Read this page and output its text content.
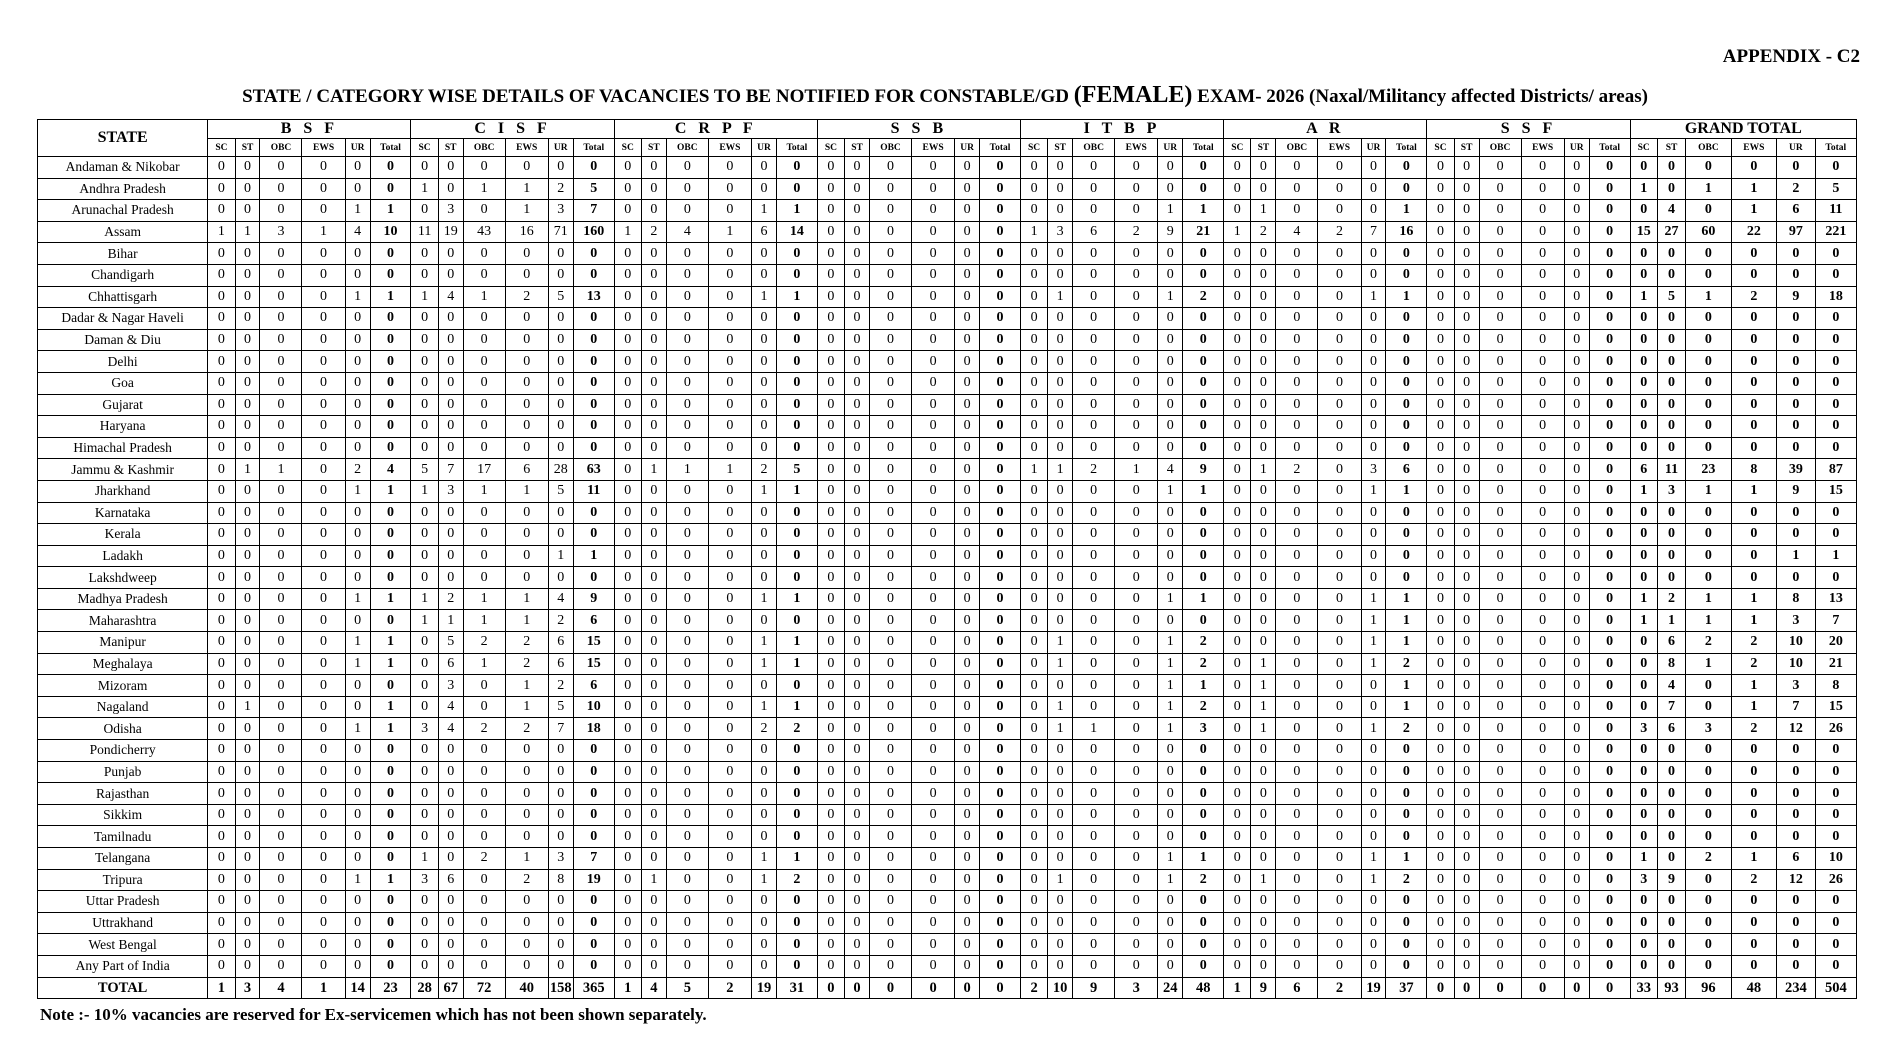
APPENDIX - C2
STATE / CATEGORY WISE DETAILS OF VACANCIES TO BE NOTIFIED FOR CONSTABLE/GD (FEMALE) EXAM- 2026 (Naxal/Militancy affected Districts/ areas)
STATE	B S F						C I S F						C R P F						S S B						I T B P						A R						S S F						GRAND TOTAL					
	SC	ST	OBC	EWS	UR	Total	SC	ST	OBC	EWS	UR	Total	SC	ST	OBC	EWS	UR	Total	SC	ST	OBC	EWS	UR	Total	SC	ST	OBC	EWS	UR	Total	SC	ST	OBC	EWS	UR	Total	SC	ST	OBC	EWS	UR	Total	SC	ST	OBC	EWS	UR	Total
Andaman & Nikobar	0	0	0	0	0	0	0	0	0	0	0	0	0	0	0	0	0	0	0	0	0	0	0	0	0	0	0	0	0	0	0	0	0	0	0	0	0	0	0	0	0	0	0	0	0	0	0	0
Andhra Pradesh	0	0	0	0	0	0	1	0	1	1	2	5	0	0	0	0	0	0	0	0	0	0	0	0	0	0	0	0	0	0	0	0	0	0	0	0	0	0	0	0	0	0	1	0	1	1	2	5
Arunachal Pradesh	0	0	0	0	1	1	0	3	0	1	3	7	0	0	0	0	1	1	0	0	0	0	0	0	0	0	0	0	1	1	0	1	0	0	0	1	0	0	0	0	0	0	0	4	0	1	6	11
Assam	1	1	3	1	4	10	11	19	43	16	71	160	1	2	4	1	6	14	0	0	0	0	0	0	1	3	6	2	9	21	1	2	4	2	7	16	0	0	0	0	0	0	15	27	60	22	97	221
Bihar	0	0	0	0	0	0	0	0	0	0	0	0	0	0	0	0	0	0	0	0	0	0	0	0	0	0	0	0	0	0	0	0	0	0	0	0	0	0	0	0	0	0	0	0	0	0	0	0
Chandigarh	0	0	0	0	0	0	0	0	0	0	0	0	0	0	0	0	0	0	0	0	0	0	0	0	0	0	0	0	0	0	0	0	0	0	0	0	0	0	0	0	0	0	0	0	0	0	0	0
Chhattisgarh	0	0	0	0	1	1	1	4	1	2	5	13	0	0	0	0	1	1	0	0	0	0	0	0	0	1	0	0	1	2	0	0	0	0	1	1	0	0	0	0	0	0	1	5	1	2	9	18
Dadar & Nagar Haveli	0	0	0	0	0	0	0	0	0	0	0	0	0	0	0	0	0	0	0	0	0	0	0	0	0	0	0	0	0	0	0	0	0	0	0	0	0	0	0	0	0	0	0	0	0	0	0	0
Daman & Diu	0	0	0	0	0	0	0	0	0	0	0	0	0	0	0	0	0	0	0	0	0	0	0	0	0	0	0	0	0	0	0	0	0	0	0	0	0	0	0	0	0	0	0	0	0	0	0	0
Delhi	0	0	0	0	0	0	0	0	0	0	0	0	0	0	0	0	0	0	0	0	0	0	0	0	0	0	0	0	0	0	0	0	0	0	0	0	0	0	0	0	0	0	0	0	0	0	0	0
Goa	0	0	0	0	0	0	0	0	0	0	0	0	0	0	0	0	0	0	0	0	0	0	0	0	0	0	0	0	0	0	0	0	0	0	0	0	0	0	0	0	0	0	0	0	0	0	0	0
Gujarat	0	0	0	0	0	0	0	0	0	0	0	0	0	0	0	0	0	0	0	0	0	0	0	0	0	0	0	0	0	0	0	0	0	0	0	0	0	0	0	0	0	0	0	0	0	0	0	0
Haryana	0	0	0	0	0	0	0	0	0	0	0	0	0	0	0	0	0	0	0	0	0	0	0	0	0	0	0	0	0	0	0	0	0	0	0	0	0	0	0	0	0	0	0	0	0	0	0	0
Himachal Pradesh	0	0	0	0	0	0	0	0	0	0	0	0	0	0	0	0	0	0	0	0	0	0	0	0	0	0	0	0	0	0	0	0	0	0	0	0	0	0	0	0	0	0	0	0	0	0	0	0
Jammu & Kashmir	0	1	1	0	2	4	5	7	17	6	28	63	0	1	1	1	2	5	0	0	0	0	0	0	1	1	2	1	4	9	0	1	2	0	3	6	0	0	0	0	0	0	6	11	23	8	39	87
Jharkhand	0	0	0	0	1	1	1	3	1	1	5	11	0	0	0	0	1	1	0	0	0	0	0	0	0	0	0	0	1	1	0	0	0	0	1	1	0	0	0	0	0	0	1	3	1	1	9	15
Karnataka	0	0	0	0	0	0	0	0	0	0	0	0	0	0	0	0	0	0	0	0	0	0	0	0	0	0	0	0	0	0	0	0	0	0	0	0	0	0	0	0	0	0	0	0	0	0	0	0
Kerala	0	0	0	0	0	0	0	0	0	0	0	0	0	0	0	0	0	0	0	0	0	0	0	0	0	0	0	0	0	0	0	0	0	0	0	0	0	0	0	0	0	0	0	0	0	0	0	0
Ladakh	0	0	0	0	0	0	0	0	0	0	1	1	0	0	0	0	0	0	0	0	0	0	0	0	0	0	0	0	0	0	0	0	0	0	0	0	0	0	0	0	0	0	0	0	0	0	1	1
Lakshdweep	0	0	0	0	0	0	0	0	0	0	0	0	0	0	0	0	0	0	0	0	0	0	0	0	0	0	0	0	0	0	0	0	0	0	0	0	0	0	0	0	0	0	0	0	0	0	0	0
Madhya Pradesh	0	0	0	0	1	1	1	2	1	1	4	9	0	0	0	0	1	1	0	0	0	0	0	0	0	0	0	0	1	1	0	0	0	0	1	1	0	0	0	0	0	0	1	2	1	1	8	13
Maharashtra	0	0	0	0	0	0	1	1	1	1	2	6	0	0	0	0	0	0	0	0	0	0	0	0	0	0	0	0	0	0	0	0	0	0	1	1	0	0	0	0	0	0	1	1	1	1	3	7
Manipur	0	0	0	0	1	1	0	5	2	2	6	15	0	0	0	0	1	1	0	0	0	0	0	0	0	1	0	0	1	2	0	0	0	0	1	1	0	0	0	0	0	0	0	6	2	2	10	20
Meghalaya	0	0	0	0	1	1	0	6	1	2	6	15	0	0	0	0	1	1	0	0	0	0	0	0	0	1	0	0	1	2	0	1	0	0	1	2	0	0	0	0	0	0	0	8	1	2	10	21
Mizoram	0	0	0	0	0	0	0	3	0	1	2	6	0	0	0	0	0	0	0	0	0	0	0	0	0	0	0	0	1	1	0	1	0	0	0	1	0	0	0	0	0	0	0	4	0	1	3	8
Nagaland	0	1	0	0	0	1	0	4	0	1	5	10	0	0	0	0	1	1	0	0	0	0	0	0	0	1	0	0	1	2	0	1	0	0	0	1	0	0	0	0	0	0	0	7	0	1	7	15
Odisha	0	0	0	0	1	1	3	4	2	2	7	18	0	0	0	0	2	2	0	0	0	0	0	0	0	1	1	0	1	3	0	1	0	0	1	2	0	0	0	0	0	0	3	6	3	2	12	26
Pondicherry	0	0	0	0	0	0	0	0	0	0	0	0	0	0	0	0	0	0	0	0	0	0	0	0	0	0	0	0	0	0	0	0	0	0	0	0	0	0	0	0	0	0	0	0	0	0	0	0
Punjab	0	0	0	0	0	0	0	0	0	0	0	0	0	0	0	0	0	0	0	0	0	0	0	0	0	0	0	0	0	0	0	0	0	0	0	0	0	0	0	0	0	0	0	0	0	0	0	0
Rajasthan	0	0	0	0	0	0	0	0	0	0	0	0	0	0	0	0	0	0	0	0	0	0	0	0	0	0	0	0	0	0	0	0	0	0	0	0	0	0	0	0	0	0	0	0	0	0	0	0
Sikkim	0	0	0	0	0	0	0	0	0	0	0	0	0	0	0	0	0	0	0	0	0	0	0	0	0	0	0	0	0	0	0	0	0	0	0	0	0	0	0	0	0	0	0	0	0	0	0	0
Tamilnadu	0	0	0	0	0	0	0	0	0	0	0	0	0	0	0	0	0	0	0	0	0	0	0	0	0	0	0	0	0	0	0	0	0	0	0	0	0	0	0	0	0	0	0	0	0	0	0	0
Telangana	0	0	0	0	0	0	1	0	2	1	3	7	0	0	0	0	1	1	0	0	0	0	0	0	0	0	0	0	1	1	0	0	0	0	1	1	0	0	0	0	0	0	1	0	2	1	6	10
Tripura	0	0	0	0	1	1	3	6	0	2	8	19	0	1	0	0	1	2	0	0	0	0	0	0	0	1	0	0	1	2	0	1	0	0	1	2	0	0	0	0	0	0	3	9	0	2	12	26
Uttar Pradesh	0	0	0	0	0	0	0	0	0	0	0	0	0	0	0	0	0	0	0	0	0	0	0	0	0	0	0	0	0	0	0	0	0	0	0	0	0	0	0	0	0	0	0	0	0	0	0	0
Uttrakhand	0	0	0	0	0	0	0	0	0	0	0	0	0	0	0	0	0	0	0	0	0	0	0	0	0	0	0	0	0	0	0	0	0	0	0	0	0	0	0	0	0	0	0	0	0	0	0	0
West Bengal	0	0	0	0	0	0	0	0	0	0	0	0	0	0	0	0	0	0	0	0	0	0	0	0	0	0	0	0	0	0	0	0	0	0	0	0	0	0	0	0	0	0	0	0	0	0	0	0
Any Part of India	0	0	0	0	0	0	0	0	0	0	0	0	0	0	0	0	0	0	0	0	0	0	0	0	0	0	0	0	0	0	0	0	0	0	0	0	0	0	0	0	0	0	0	0	0	0	0	0
TOTAL	1	3	4	1	14	23	28	67	72	40	158	365	1	4	5	2	19	31	0	0	0	0	0	0	2	10	9	3	24	48	1	9	6	2	19	37	0	0	0	0	0	0	33	93	96	48	234	504
Note :- 10% vacancies are reserved for Ex-servicemen which has not been shown separately.
